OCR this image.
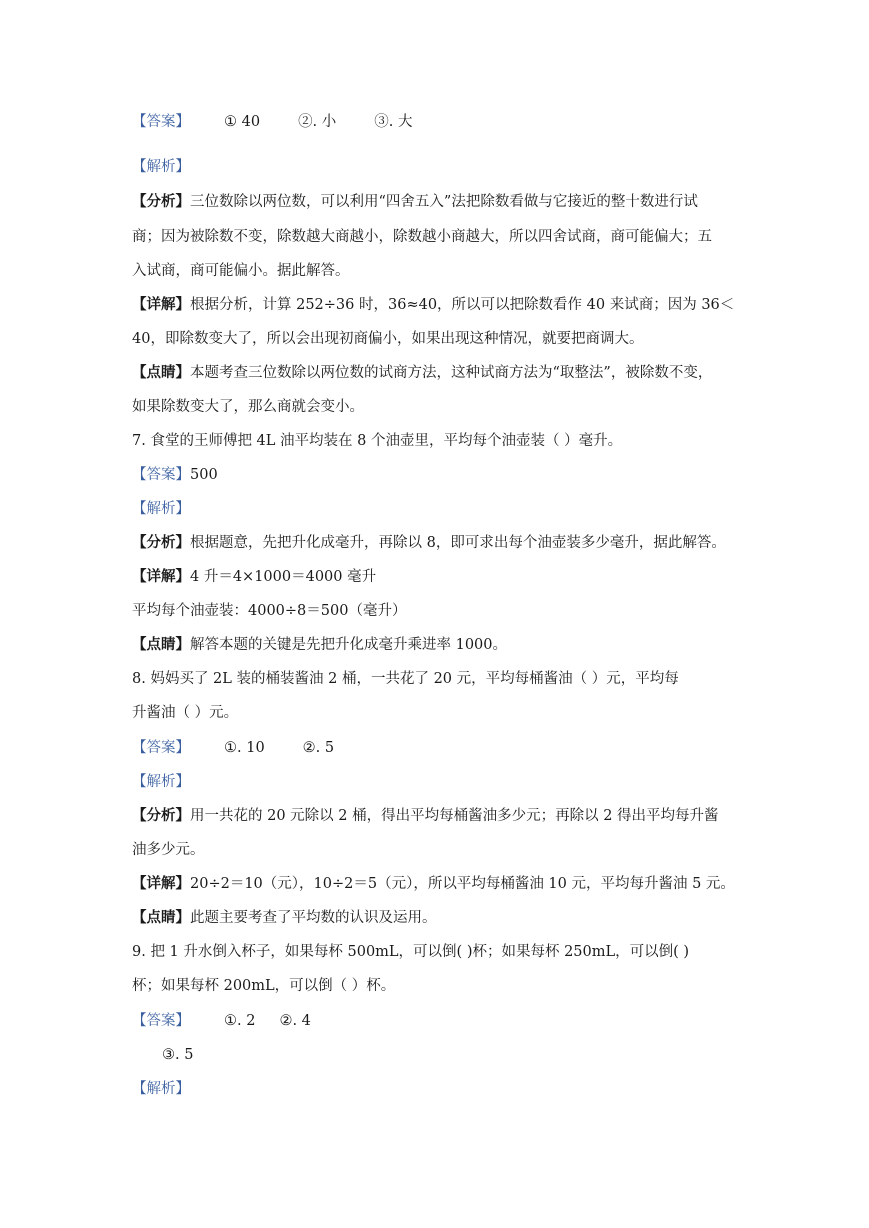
【答案】 ① 40	②. 小	③. 大
【解析】
【分析】三位数除以两位数，可以利用“四舍五入”法把除数看做与它接近的整十数进行试
商；因为被除数不变，除数越大商越小，除数越小商越大，所以四舍试商，商可能偏大；五
入试商，商可能偏小。据此解答。
【详解】根据分析，计算 252÷36 时，36≈40，所以可以把除数看作 40 来试商；因为 36＜
40，即除数变大了，所以会出现初商偏小，如果出现这种情况，就要把商调大。
【点睛】本题考查三位数除以两位数的试商方法，这种试商方法为“取整法”，被除数不变，
如果除数变大了，那么商就会变小。
7. 食堂的王师傅把 4L 油平均装在 8 个油壶里，平均每个油壶装（ ）毫升。
【答案】500
【解析】
【分析】根据题意，先把升化成毫升，再除以 8，即可求出每个油壶装多少毫升，据此解答。
【详解】4 升＝4×1000＝4000 毫升
平均每个油壶装：4000÷8＝500（毫升）
【点睛】解答本题的关键是先把升化成毫升乘进率 1000。
8. 妈妈买了 2L 装的桶装酱油 2 桶，一共花了 20 元，平均每桶酱油（ ）元，平均每
升酱油（ ）元。
【答案】 ①. 10	②. 5
【解析】
【分析】用一共花的 20 元除以 2 桶，得出平均每桶酱油多少元；再除以 2 得出平均每升酱
油多少元。
【详解】20÷2＝10（元），10÷2＝5（元），所以平均每桶酱油 10 元，平均每升酱油 5 元。
【点睛】此题主要考查了平均数的认识及运用。
9. 把 1 升水倒入杯子，如果每杯 500mL，可以倒( )杯；如果每杯 250mL，可以倒( )
杯；如果每杯 200mL，可以倒（ ）杯。
【答案】 ①. 2 ②. 4
③. 5
【解析】
